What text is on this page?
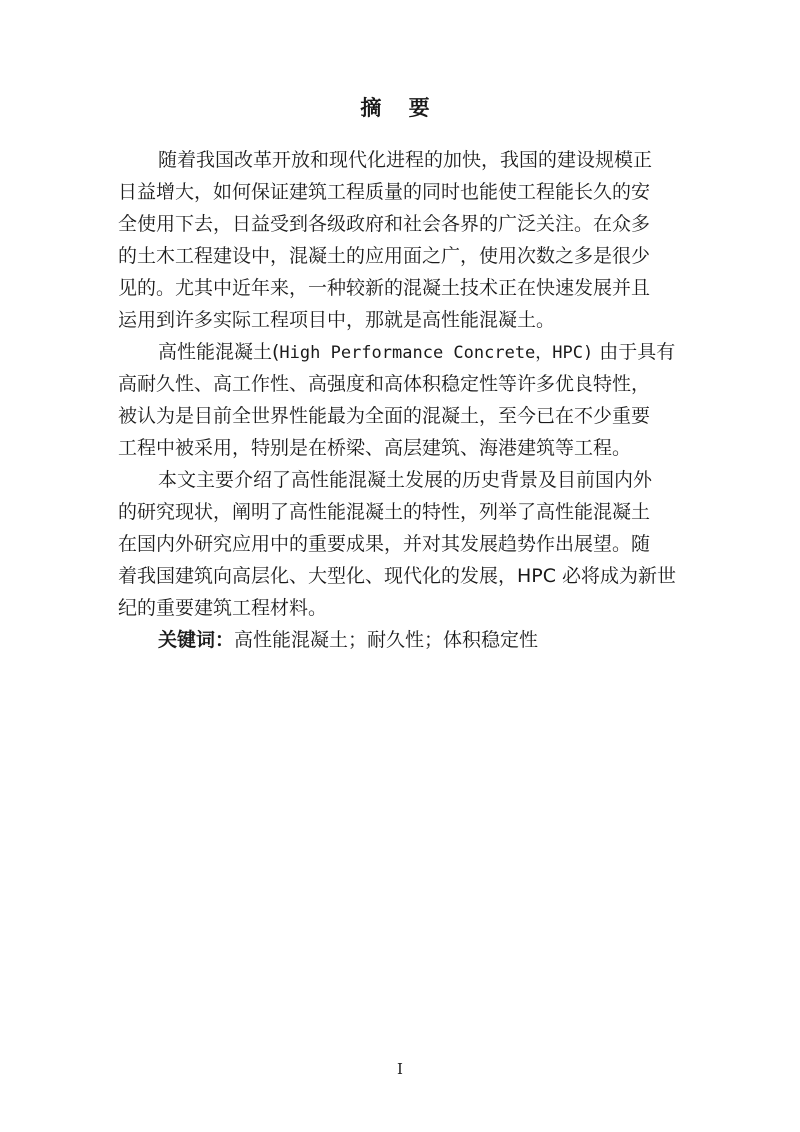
摘 要

随着我国改革开放和现代化进程的加快，我国的建设规模正
日益增大，如何保证建筑工程质量的同时也能使工程能长久的安
全使用下去，日益受到各级政府和社会各界的广泛关注。在众多
的土木工程建设中，混凝土的应用面之广，使用次数之多是很少
见的。尤其中近年来，一种较新的混凝土技术正在快速发展并且
运用到许多实际工程项目中，那就是高性能混凝土。

高性能混凝土(High Performance Concrete，HPC) 由于具有
高耐久性、高工作性、高强度和高体积稳定性等许多优良特性，
被认为是目前全世界性能最为全面的混凝土，至今已在不少重要
工程中被采用，特别是在桥梁、高层建筑、海港建筑等工程。

本文主要介绍了高性能混凝土发展的历史背景及目前国内外
的研究现状，阐明了高性能混凝土的特性，列举了高性能混凝土
在国内外研究应用中的重要成果，并对其发展趋势作出展望。随
着我国建筑向高层化、大型化、现代化的发展，HPC 必将成为新世
纪的重要建筑工程材料。

关键词：高性能混凝土；耐久性；体积稳定性

I
